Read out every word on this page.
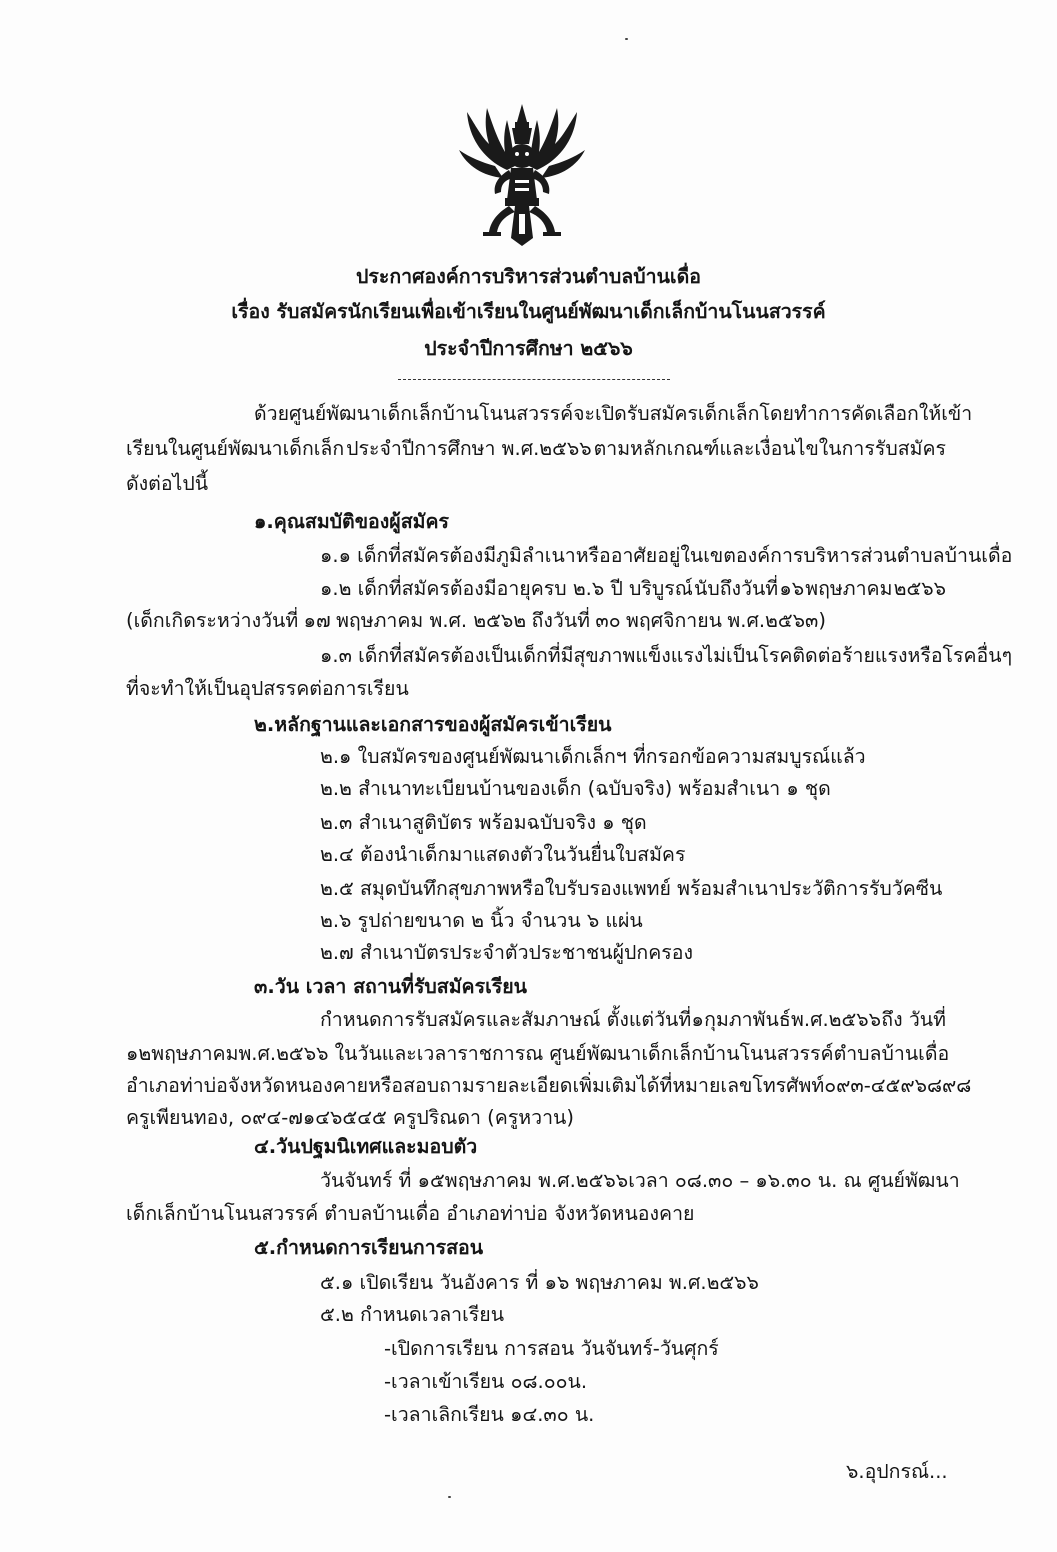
ประกาศองค์การบริหารส่วนตำบลบ้านเดื่อ
เรื่อง รับสมัครนักเรียนเพื่อเข้าเรียนในศูนย์พัฒนาเด็กเล็กบ้านโนนสวรรค์
ประจำปีการศึกษา ๒๕๖๖
ด้วยศูนย์พัฒนาเด็กเล็กบ้านโนนสวรรค์ จะเปิดรับสมัครเด็กเล็ก โดยทำการคัดเลือกให้เข้า
เรียนในศูนย์พัฒนาเด็กเล็ก ประจำปีการศึกษา พ.ศ.๒๕๖๖ ตามหลักเกณฑ์และเงื่อนไขในการรับสมัคร
ดังต่อไปนี้
๑.คุณสมบัติของผู้สมัคร
๑.๑ เด็กที่สมัครต้องมีภูมิลำเนาหรืออาศัยอยู่ในเขตองค์การบริหารส่วนตำบลบ้านเดื่อ
๑.๒ เด็กที่สมัครต้องมีอายุครบ ๒.๖ ปี บริบูรณ์ นับถึงวันที่ ๑๖ พฤษภาคม ๒๕๖๖
(เด็กเกิดระหว่างวันที่ ๑๗ พฤษภาคม พ.ศ. ๒๕๖๒ ถึงวันที่ ๓๐ พฤศจิกายน พ.ศ.๒๕๖๓)
๑.๓ เด็กที่สมัครต้องเป็นเด็กที่มีสุขภาพแข็งแรง ไม่เป็นโรคติดต่อร้ายแรงหรือโรคอื่น ๆ
ที่จะทำให้เป็นอุปสรรคต่อการเรียน
๒.หลักฐานและเอกสารของผู้สมัครเข้าเรียน
๒.๑ ใบสมัครของศูนย์พัฒนาเด็กเล็กฯ ที่กรอกข้อความสมบูรณ์แล้ว
๒.๒ สำเนาทะเบียนบ้านของเด็ก (ฉบับจริง) พร้อมสำเนา ๑ ชุด
๒.๓ สำเนาสูติบัตร พร้อมฉบับจริง ๑ ชุด
๒.๔ ต้องนำเด็กมาแสดงตัวในวันยื่นใบสมัคร
๒.๕ สมุดบันทึกสุขภาพหรือใบรับรองแพทย์ พร้อมสำเนาประวัติการรับวัคซีน
๒.๖ รูปถ่ายขนาด ๒ นิ้ว จำนวน ๖ แผ่น
๒.๗ สำเนาบัตรประจำตัวประชาชนผู้ปกครอง
๓.วัน เวลา สถานที่รับสมัครเรียน
กำหนดการรับสมัครและสัมภาษณ์ ตั้งแต่วันที่ ๑ กุมภาพันธ์ พ.ศ.๒๕๖๖ ถึง วันที่
๑๒ พฤษภาคม พ.ศ.๒๕๖๖ ในวันและเวลา ราชการ ณ ศูนย์พัฒนาเด็กเล็กบ้านโนนสวรรค์ ตำบลบ้านเดื่อ
อำเภอท่าบ่อ จังหวัดหนองคาย หรือสอบถามรายละเอียดเพิ่มเติมได้ที่ หมายเลขโทรศัพท์ ๐๙๓-๔๕๙๖๘๙๘
ครูเพียนทอง, ๐๙๔-๗๑๔๖๕๔๕ ครูปริณดา (ครูหวาน)
๔.วันปฐมนิเทศและมอบตัว
วันจันทร์ ที่ ๑๕ พฤษภาคม พ.ศ.๒๕๖๖ เวลา ๐๘.๓๐ – ๑๖.๓๐ น. ณ ศูนย์พัฒนา
เด็กเล็กบ้านโนนสวรรค์ ตำบลบ้านเดื่อ อำเภอท่าบ่อ จังหวัดหนองคาย
๕.กำหนดการเรียนการสอน
๕.๑ เปิดเรียน วันอังคาร ที่ ๑๖ พฤษภาคม พ.ศ.๒๕๖๖
๕.๒ กำหนดเวลาเรียน
-เปิดการเรียน การสอน วันจันทร์-วันศุกร์
-เวลาเข้าเรียน ๐๘.๐๐น.
-เวลาเลิกเรียน ๑๔.๓๐ น.
๖.อุปกรณ์...
